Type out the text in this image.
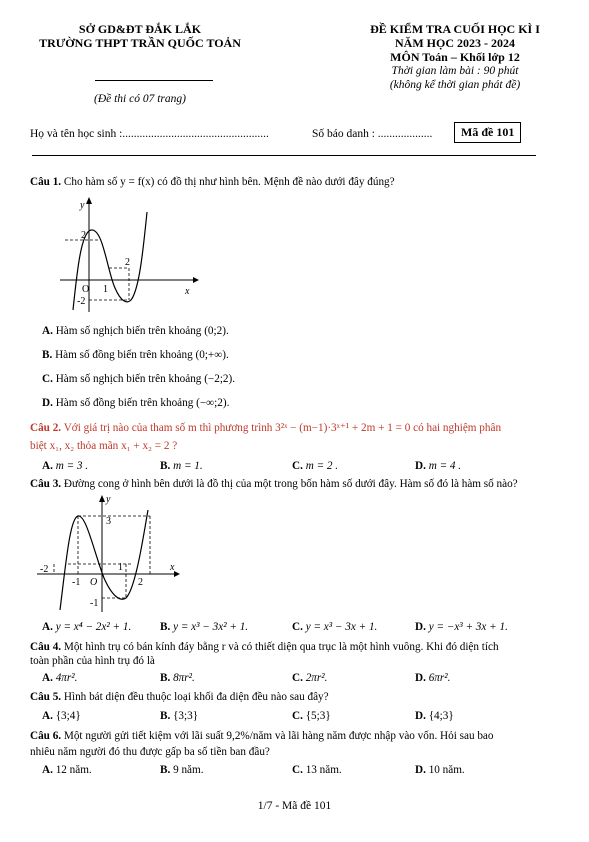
SỞ GD&ĐT ĐẮK LẮK
TRƯỜNG THPT TRẦN QUỐC TOẢN
(Đề thi có 07 trang)
ĐỀ KIỂM TRA CUỐI HỌC KÌ I
NĂM HỌC 2023 - 2024
MÔN Toán – Khối lớp 12
Thời gian làm bài : 90 phút
(không kể thời gian phát đề)
Họ và tên học sinh :...................................................	Số báo danh : ...................	Mã đề 101
Câu 1. Cho hàm số y = f(x) có đồ thị như hình bên. Mệnh đề nào dưới đây đúng?
y
x
2
O 1
2
-2
A. Hàm số nghịch biến trên khoảng (0;2).
B. Hàm số đồng biến trên khoảng (0;+∞).
C. Hàm số nghịch biến trên khoảng (−2;2).
D. Hàm số đồng biến trên khoảng (−∞;2).
Câu 2. Với giá trị nào của tham số m thì phương trình 3²ˣ − (m−1)·3ˣ⁺¹ + 2m + 1 = 0 có hai nghiệm phân
biệt x₁, x₂ thỏa mãn x₁ + x₂ = 2 ?
A. m = 3 .	B. m = 1.	C. m = 2 .	D. m = 4 .
Câu 3. Đường cong ở hình bên dưới là đồ thị của một trong bốn hàm số dưới đây. Hàm số đó là hàm số nào?
y
x
3
-2
-1 O
1
2
-1
A. y = x⁴ − 2x² + 1.	B. y = x³ − 3x² + 1.	C. y = x³ − 3x + 1.	D. y = −x³ + 3x + 1.
Câu 4. Một hình trụ có bán kính đáy bằng r và có thiết diện qua trục là một hình vuông. Khi đó diện tích
toàn phần của hình trụ đó là
A. 4πr².	B. 8πr².	C. 2πr².	D. 6πr².
Câu 5. Hình bát diện đều thuộc loại khối đa diện đều nào sau đây?
A. {3;4}	B. {3;3}	C. {5;3}	D. {4;3}
Câu 6. Một người gửi tiết kiệm với lãi suất 9,2%/năm và lãi hàng năm được nhập vào vốn. Hỏi sau bao
nhiêu năm người đó thu được gấp ba số tiền ban đầu?
A. 12 năm.	B. 9 năm.	C. 13 năm.	D. 10 năm.
1/7 - Mã đề 101
